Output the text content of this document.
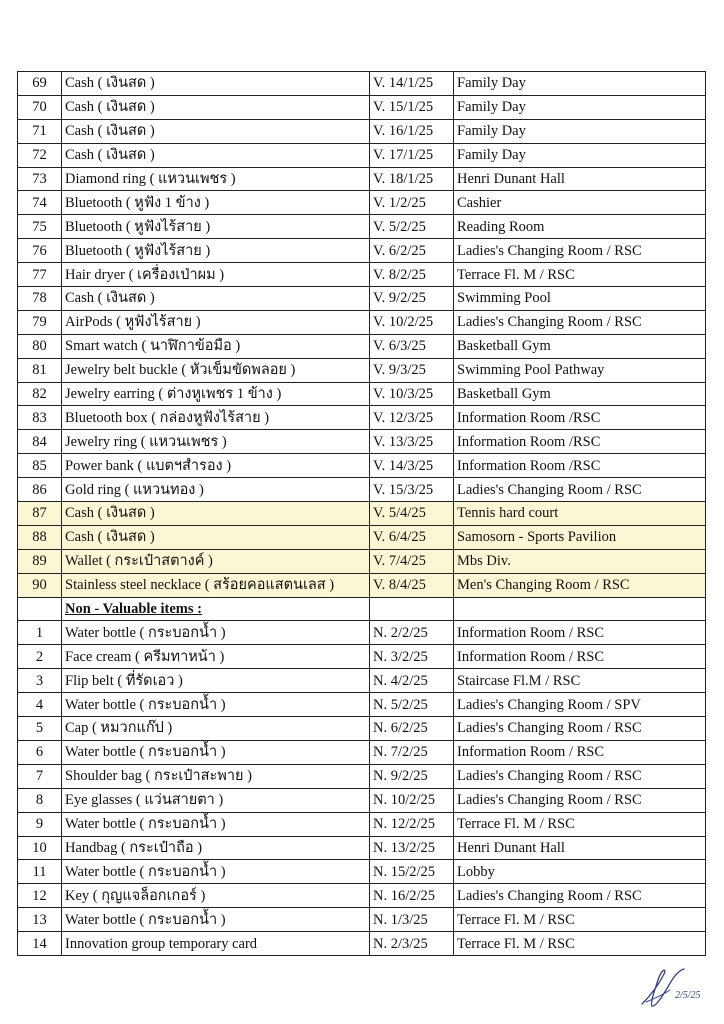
69	Cash ( เงินสด )	V. 14/1/25	Family Day
70	Cash ( เงินสด )	V. 15/1/25	Family Day
71	Cash ( เงินสด )	V. 16/1/25	Family Day
72	Cash ( เงินสด )	V. 17/1/25	Family Day
73	Diamond ring ( แหวนเพชร )	V. 18/1/25	Henri Dunant Hall
74	Bluetooth ( หูฟัง 1 ข้าง )	V. 1/2/25	Cashier
75	Bluetooth ( หูฟังไร้สาย )	V. 5/2/25	Reading Room
76	Bluetooth ( หูฟังไร้สาย )	V. 6/2/25	Ladies's Changing Room / RSC
77	Hair dryer ( เครื่องเป่าผม )	V. 8/2/25	Terrace Fl. M / RSC
78	Cash ( เงินสด )	V. 9/2/25	Swimming Pool
79	AirPods ( หูฟังไร้สาย )	V. 10/2/25	Ladies's Changing Room / RSC
80	Smart watch ( นาฬิกาข้อมือ )	V. 6/3/25	Basketball Gym
81	Jewelry belt buckle ( หัวเข็มขัดพลอย )	V. 9/3/25	Swimming Pool Pathway
82	Jewelry earring ( ต่างหูเพชร 1 ข้าง )	V. 10/3/25	Basketball Gym
83	Bluetooth box ( กล่องหูฟังไร้สาย )	V. 12/3/25	Information Room /RSC
84	Jewelry ring ( แหวนเพชร )	V. 13/3/25	Information Room /RSC
85	Power bank ( แบตฯสำรอง )	V. 14/3/25	Information Room /RSC
86	Gold ring ( แหวนทอง )	V. 15/3/25	Ladies's Changing Room / RSC
87	Cash ( เงินสด )	V. 5/4/25	Tennis hard court
88	Cash ( เงินสด )	V. 6/4/25	Samosorn - Sports Pavilion
89	Wallet ( กระเป๋าสตางค์ )	V. 7/4/25	Mbs Div.
90	Stainless steel necklace ( สร้อยคอแสตนเลส )	V. 8/4/25	Men's Changing Room / RSC
	Non - Valuable items :		
1	Water bottle ( กระบอกน้ำ )	N. 2/2/25	Information Room / RSC
2	Face cream ( ครีมทาหน้า )	N. 3/2/25	Information Room / RSC
3	Flip belt ( ที่รัดเอว )	N. 4/2/25	Staircase Fl.M / RSC
4	Water bottle ( กระบอกน้ำ )	N. 5/2/25	Ladies's Changing Room / SPV
5	Cap ( หมวกแก๊ป )	N. 6/2/25	Ladies's Changing Room / RSC
6	Water bottle ( กระบอกน้ำ )	N. 7/2/25	Information Room / RSC
7	Shoulder bag ( กระเป๋าสะพาย )	N. 9/2/25	Ladies's Changing Room / RSC
8	Eye glasses ( แว่นสายตา )	N. 10/2/25	Ladies's Changing Room / RSC
9	Water bottle ( กระบอกน้ำ )	N. 12/2/25	Terrace Fl. M / RSC
10	Handbag ( กระเป๋าถือ )	N. 13/2/25	Henri Dunant Hall
11	Water bottle ( กระบอกน้ำ )	N. 15/2/25	Lobby
12	Key ( กุญแจล็อกเกอร์ )	N. 16/2/25	Ladies's Changing Room / RSC
13	Water bottle ( กระบอกน้ำ )	N. 1/3/25	Terrace Fl. M / RSC
14	Innovation group temporary card	N. 2/3/25	Terrace Fl. M / RSC
2/5/25
